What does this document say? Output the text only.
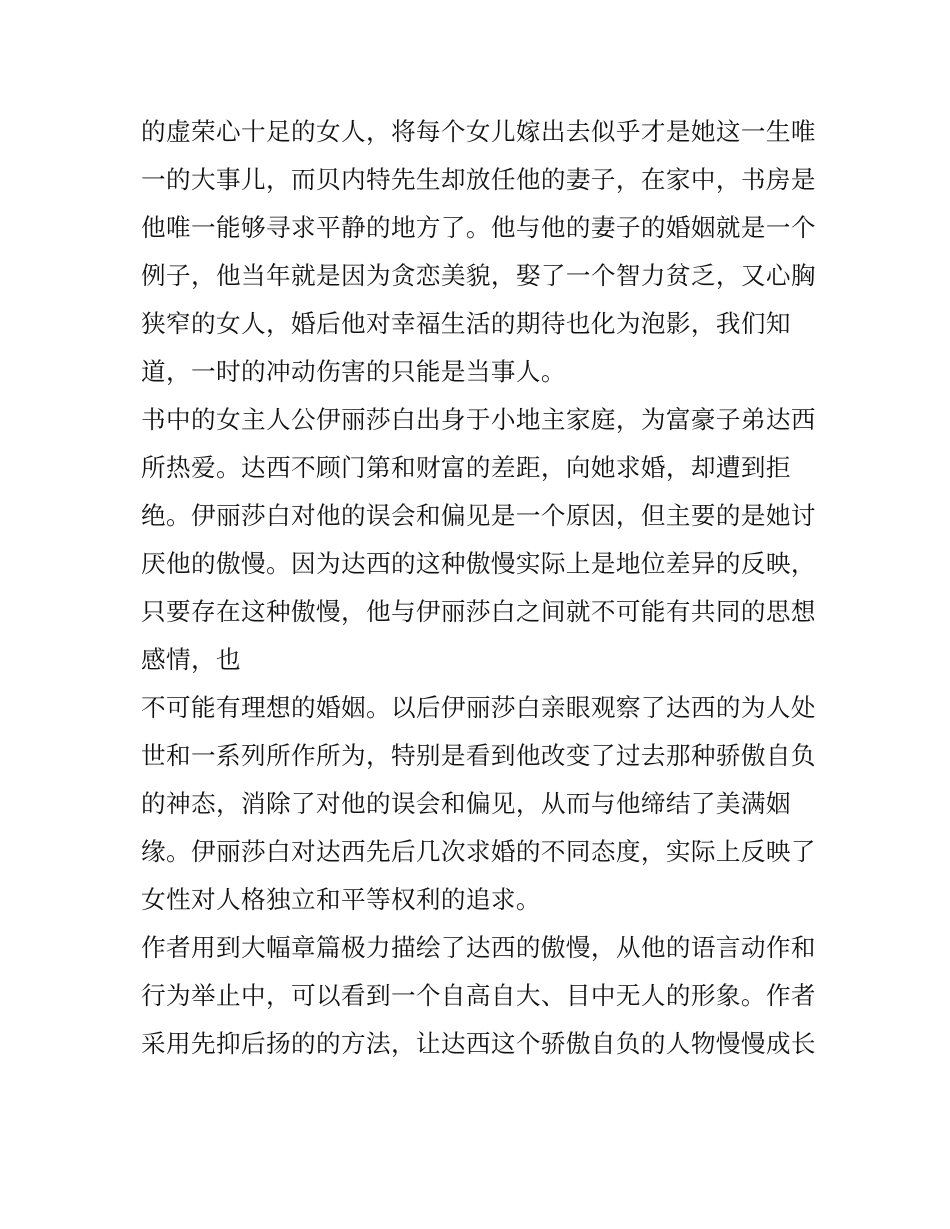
的虚荣心十足的女人，将每个女儿嫁出去似乎才是她这一生唯
一的大事儿，而贝内特先生却放任他的妻子，在家中，书房是
他唯一能够寻求平静的地方了。他与他的妻子的婚姻就是一个
例子，他当年就是因为贪恋美貌，娶了一个智力贫乏，又心胸
狭窄的女人，婚后他对幸福生活的期待也化为泡影，我们知
道，一时的冲动伤害的只能是当事人。
书中的女主人公伊丽莎白出身于小地主家庭，为富豪子弟达西
所热爱。达西不顾门第和财富的差距，向她求婚，却遭到拒
绝。伊丽莎白对他的误会和偏见是一个原因，但主要的是她讨
厌他的傲慢。因为达西的这种傲慢实际上是地位差异的反映，
只要存在这种傲慢，他与伊丽莎白之间就不可能有共同的思想
感情，也
不可能有理想的婚姻。以后伊丽莎白亲眼观察了达西的为人处
世和一系列所作所为，特别是看到他改变了过去那种骄傲自负
的神态，消除了对他的误会和偏见，从而与他缔结了美满姻
缘。伊丽莎白对达西先后几次求婚的不同态度，实际上反映了
女性对人格独立和平等权利的追求。
作者用到大幅章篇极力描绘了达西的傲慢，从他的语言动作和
行为举止中，可以看到一个自高自大、目中无人的形象。作者
采用先抑后扬的的方法，让达西这个骄傲自负的人物慢慢成长
